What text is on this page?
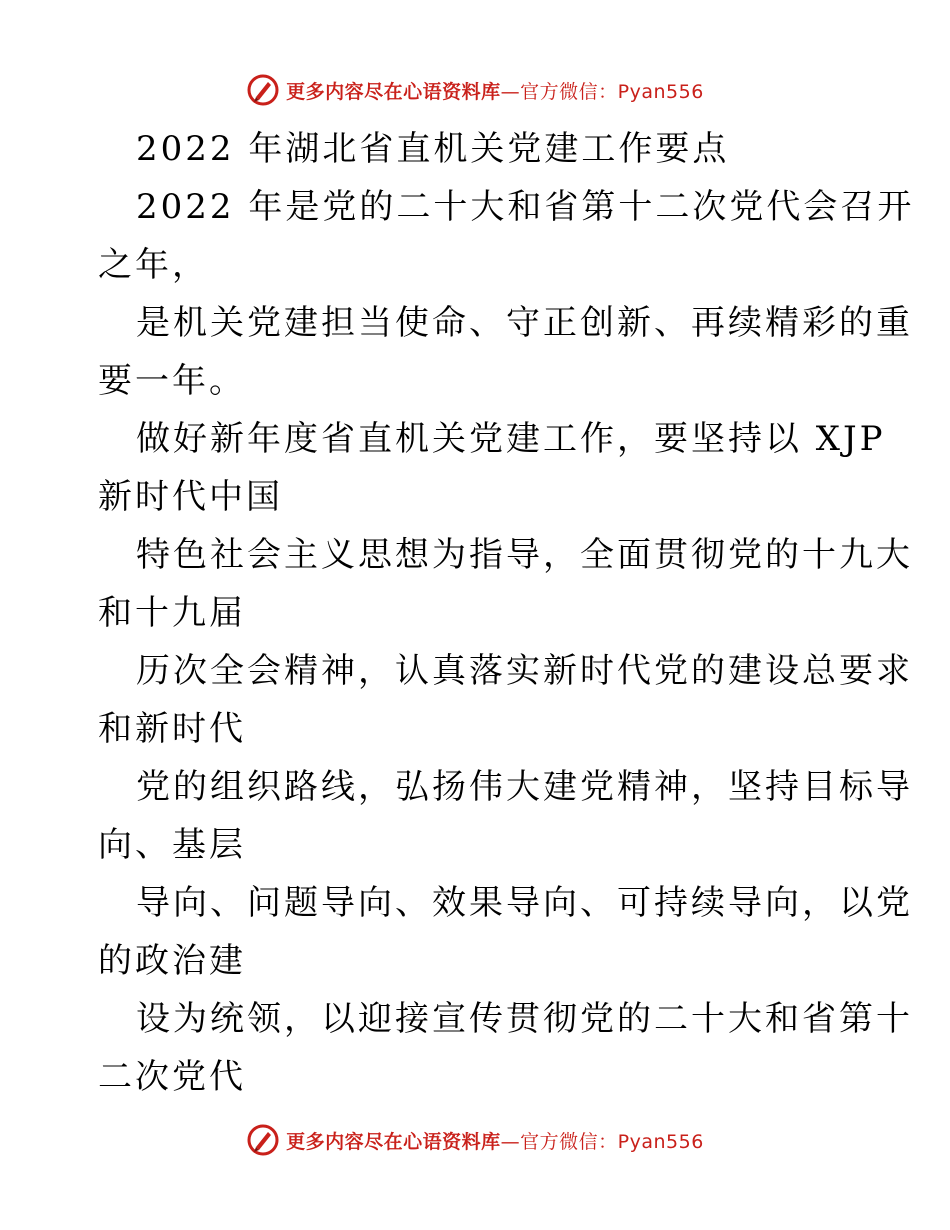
更多内容尽在心语资料库—官方微信：Pyan556
2022 年湖北省直机关党建工作要点
2022 年是党的二十大和省第十二次党代会召开
之年，
是机关党建担当使命、守正创新、再续精彩的重
要一年。
做好新年度省直机关党建工作，要坚持以 XJP
新时代中国
特色社会主义思想为指导，全面贯彻党的十九大
和十九届
历次全会精神，认真落实新时代党的建设总要求
和新时代
党的组织路线，弘扬伟大建党精神，坚持目标导
向、基层
导向、问题导向、效果导向、可持续导向，以党
的政治建
设为统领，以迎接宣传贯彻党的二十大和省第十
二次党代
更多内容尽在心语资料库—官方微信：Pyan556
